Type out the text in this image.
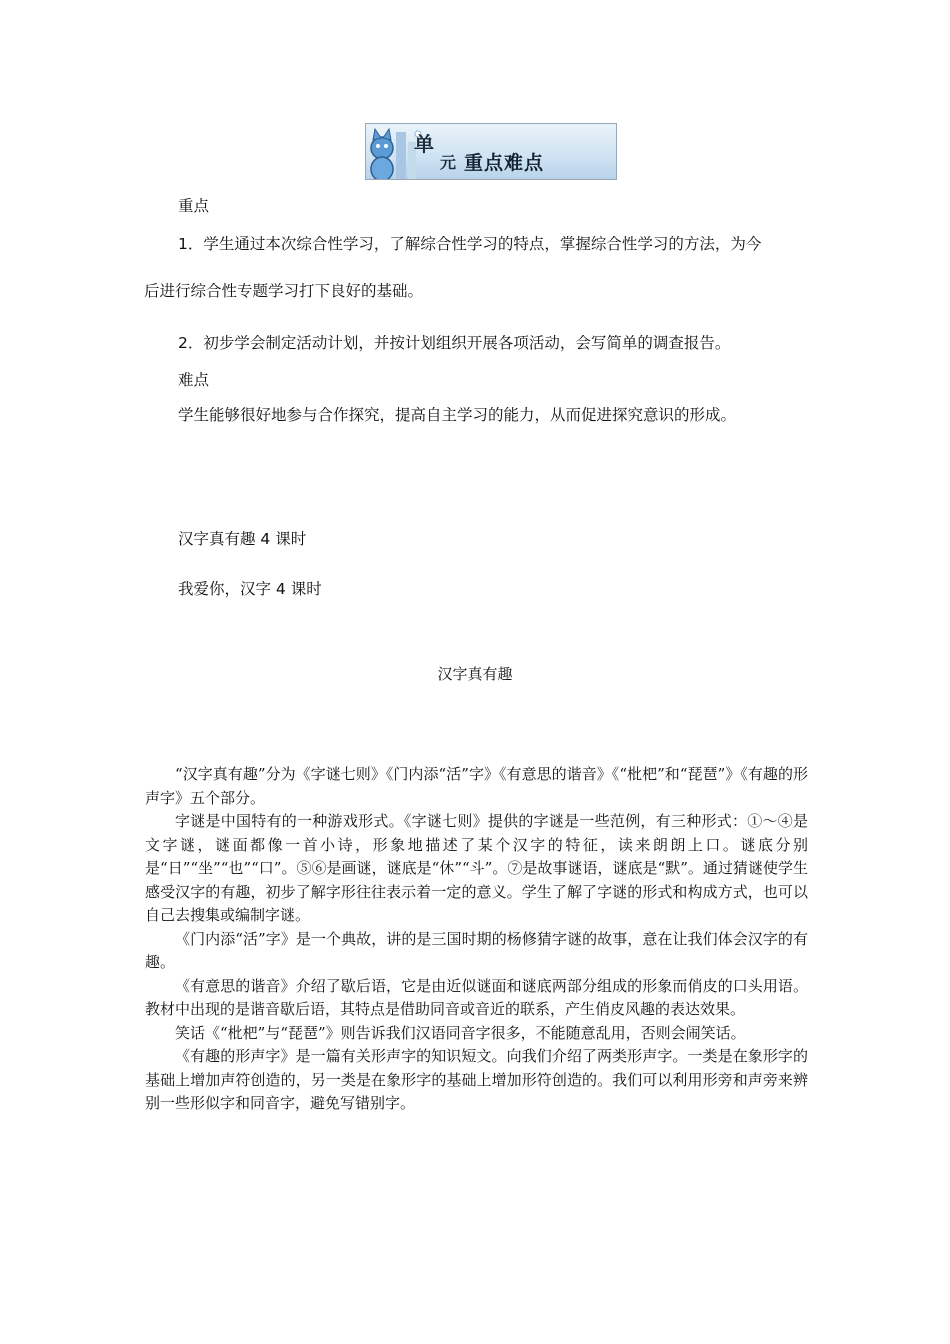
单
元 重点难点
重点
1．学生通过本次综合性学习，了解综合性学习的特点，掌握综合性学习的方法，为今
后进行综合性专题学习打下良好的基础。
2．初步学会制定活动计划，并按计划组织开展各项活动，会写简单的调查报告。
难点
学生能够很好地参与合作探究，提高自主学习的能力，从而促进探究意识的形成。
汉字真有趣 4 课时
我爱你，汉字 4 课时
汉字真有趣

“汉字真有趣”分为《字谜七则》《门内添“活”字》《有意思的谐音》《“枇杷”和“琵琶”》《有趣的形声字》五个部分。

字谜是中国特有的一种游戏形式。《字谜七则》提供的字谜是一些范例，有三种形式：①～④是文字谜，谜面都像一首小诗，形象地描述了某个汉字的特征，读来朗朗上口。谜底分别是“日”“坐”“也”“口”。⑤⑥是画谜，谜底是“休”“斗”。⑦是故事谜语，谜底是“默”。通过猜谜使学生感受汉字的有趣，初步了解字形往往表示着一定的意义。学生了解了字谜的形式和构成方式，也可以自己去搜集或编制字谜。

《门内添“活”字》是一个典故，讲的是三国时期的杨修猜字谜的故事，意在让我们体会汉字的有趣。

《有意思的谐音》介绍了歇后语，它是由近似谜面和谜底两部分组成的形象而俏皮的口头用语。教材中出现的是谐音歇后语，其特点是借助同音或音近的联系，产生俏皮风趣的表达效果。

笑话《“枇杷”与“琵琶”》则告诉我们汉语同音字很多，不能随意乱用，否则会闹笑话。

《有趣的形声字》是一篇有关形声字的知识短文。向我们介绍了两类形声字。一类是在象形字的基础上增加声符创造的，另一类是在象形字的基础上增加形符创造的。我们可以利用形旁和声旁来辨别一些形似字和同音字，避免写错别字。
